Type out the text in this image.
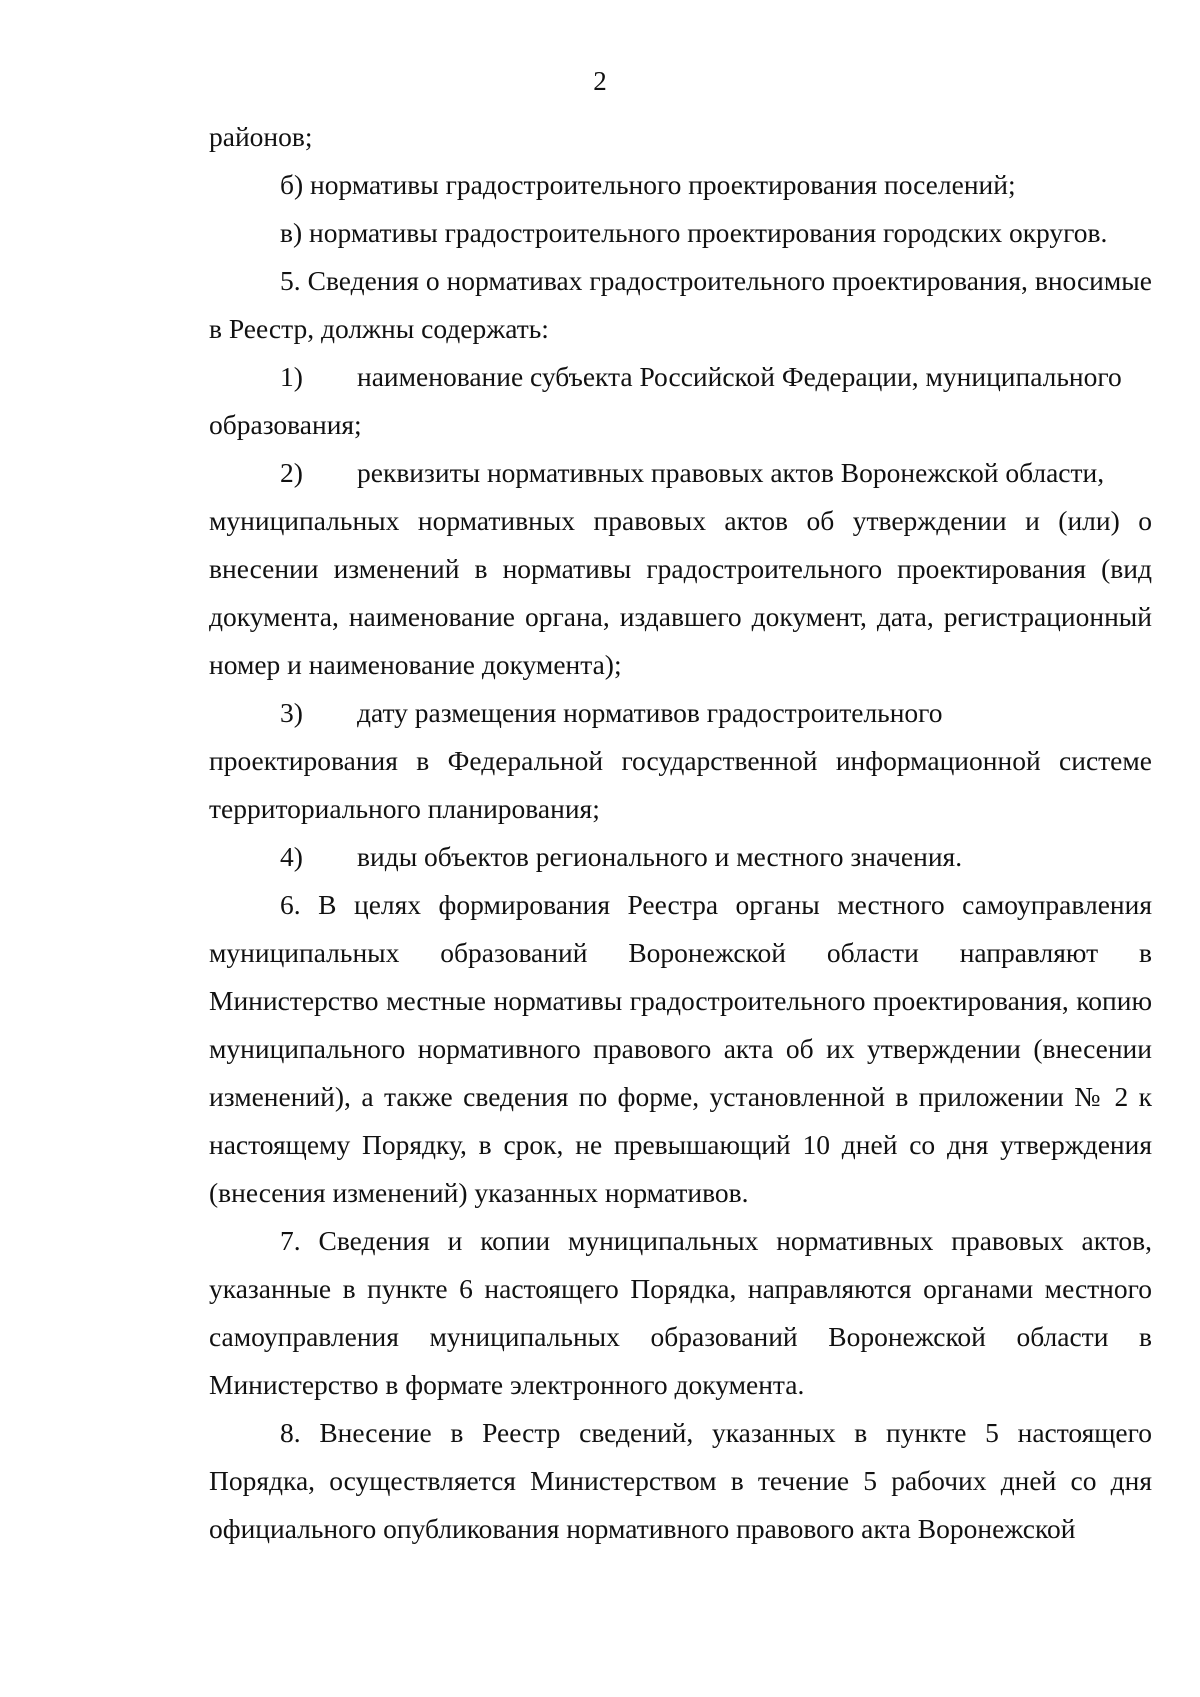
2

районов;

б) нормативы градостроительного проектирования поселений;

в) нормативы градостроительного проектирования городских округов.

5. Сведения о нормативах градостроительного проектирования, вносимые в Реестр, должны содержать:

1) наименование субъекта Российской Федерации, муниципального

образования;

2) реквизиты нормативных правовых актов Воронежской области,

муниципальных нормативных правовых актов об утверждении и (или) о внесении изменений в нормативы градостроительного проектирования (вид документа, наименование органа, издавшего документ, дата, регистрационный номер и наименование документа);

3) дату размещения нормативов градостроительного

проектирования в Федеральной государственной информационной системе территориального планирования;

4) виды объектов регионального и местного значения.

6. В целях формирования Реестра органы местного самоуправления муниципальных образований Воронежской области направляют в Министерство местные нормативы градостроительного проектирования, копию муниципального нормативного правового акта об их утверждении (внесении изменений), а также сведения по форме, установленной в приложении № 2 к настоящему Порядку, в срок, не превышающий 10 дней со дня утверждения (внесения изменений) указанных нормативов.

7. Сведения и копии муниципальных нормативных правовых актов, указанные в пункте 6 настоящего Порядка, направляются органами местного самоуправления муниципальных образований Воронежской области в Министерство в формате электронного документа.

8. Внесение в Реестр сведений, указанных в пункте 5 настоящего Порядка, осуществляется Министерством в течение 5 рабочих дней со дня официального опубликования нормативного правового акта Воронежской
